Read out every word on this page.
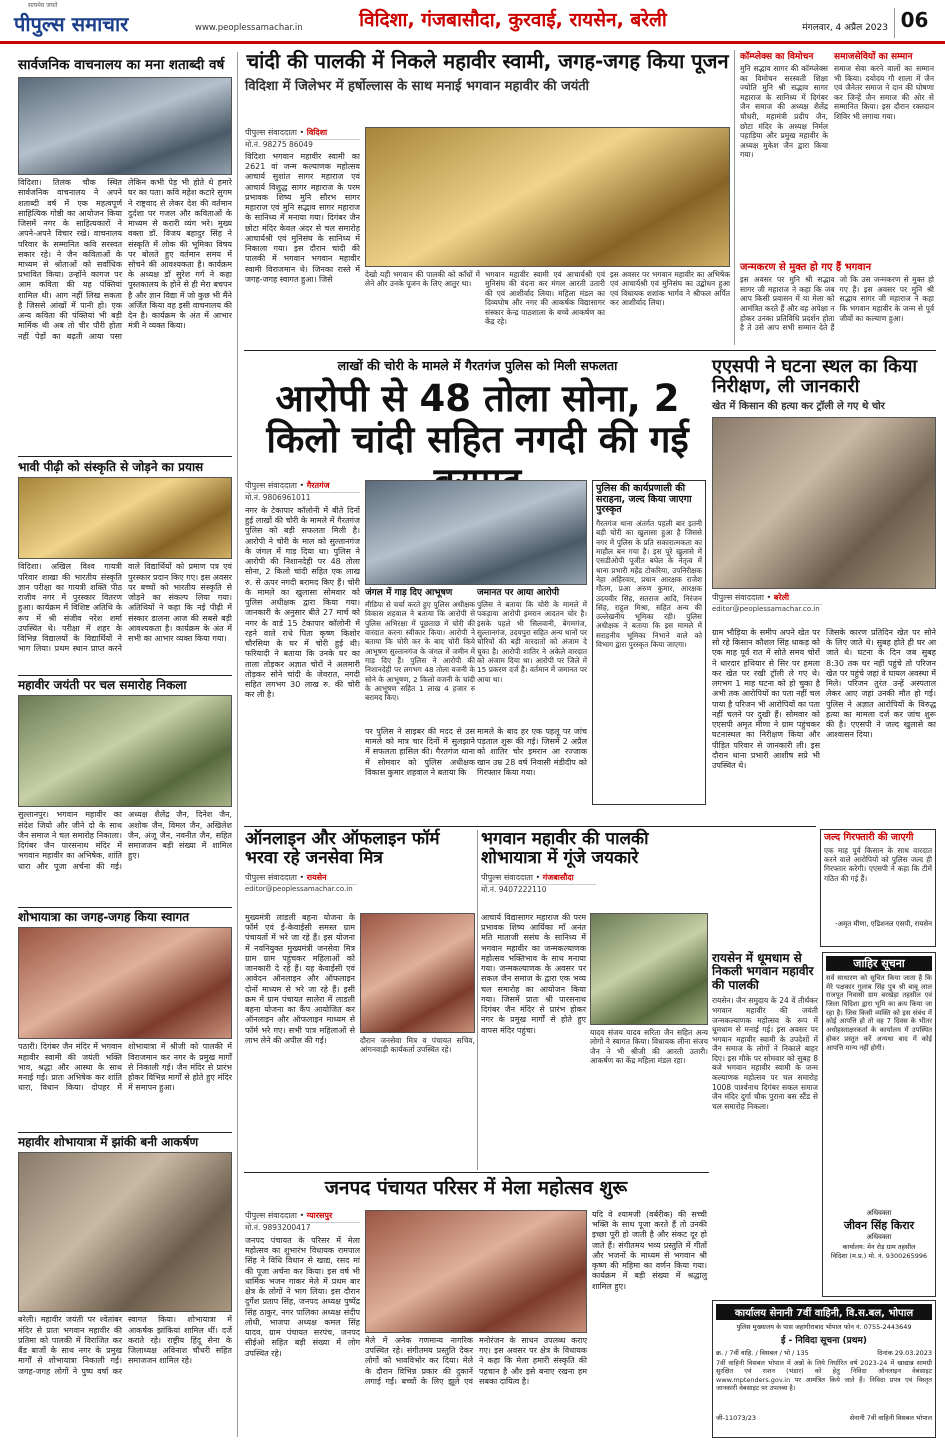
सत्यमेव जयते
पीपुल्स समाचार	www.peoplessamachar.in	विदिशा, गंजबासौदा, कुरवाई, रायसेन, बरेली	मंगलवार, 4 अप्रैल 2023 06
सार्वजनिक वाचनालय का मना शताब्दी वर्ष
विदिशा। तिलक चौक स्थित सार्वजनिक वाचनालय ने अपने शताब्दी वर्ष में एक महत्वपूर्ण साहित्यिक गोष्ठी का आयोजन किया जिसमें नगर के साहित्यकारों ने अपने-अपने विचार रखे। वाचनालय परिवार के सम्मानित कवि सरस्वत सकार रहे। ने जैन कविताओं के माध्यम से श्रोताओं को सर्वाधिक प्रभावित किया। उन्होंने कागज पर आम कविता की यह पंक्तियां शामिल थी। आग नहीं लिख सकता है जिससे आंखों में पानी हो। एक अन्य कविता की पंक्तियां भी बड़ी मार्मिक थी अब तो चीर पौरी होता नहीं पेड़ों का बढ़ती आया पसा लेकिन कभी पेड़ भी होते थे हमारे घर का पता। कवि महेश कटारे सुगम ने राष्ट्रवाद से लेकर देश की वर्तमान दुर्दशा पर गजल और कविताओं के माध्यम से करारी व्यंग भरे। मुख्य वक्ता डॉ. विजय बहादुर सिंह ने संस्कृति में लोक की भूमिका विषय पर बोलते हुए वर्तमान समय में सोचने की आवश्यकता है। कार्यक्रम के अध्यक्ष डॉ सुरेश गर्ग ने कहा पुस्तकालय के होने से ही मेरा बचपन है और ज्ञान विद्या में जो कुछ भी मैंने अर्जित किया वह इसी वाचनालय की देन है। कार्यक्रम के अंत में आभार मंत्री ने व्यक्त किया।
भावी पीढ़ी को संस्कृति से जोड़ने का प्रयास
विदिशा। अखिल विश्व गायत्री परिवार शाखा की भारतीय संस्कृति ज्ञान परीक्षा का गायत्री शक्ति पीठ राजीव नगर में पुरस्कार वितरण हुआ। कार्यक्रम में विशिष्ट अतिथि के रूप में श्री संजीव नरेश शर्मा उपस्थित थे। परीक्षा में शहर के विभिन्न विद्यालयों के विद्यार्थियों ने भाग लिया। प्रथम स्थान प्राप्त करने वाले विद्यार्थियों को प्रमाण पत्र एवं पुरस्कार प्रदान किए गए। इस अवसर पर बच्चों को भारतीय संस्कृति से जोड़ने का संकल्प लिया गया। अतिथियों ने कहा कि नई पीढ़ी में संस्कार डालना आज की सबसे बड़ी आवश्यकता है। कार्यक्रम के अंत में सभी का आभार व्यक्त किया गया।
महावीर जयंती पर चल समारोह निकला
सुल्तानपुर। भगवान महावीर का संदेश जियो और जीने दो के साथ जैन समाज ने चल समारोह निकाला। दिगंबर जैन पारसनाथ मंदिर में भगवान महावीर का अभिषेक, शांति धारा और पूजा अर्चना की गई। अध्यक्ष शैलेंद्र जैन, दिनेश जैन, अशोक जैन, विमल जैन, अखिलेश जैन, अंजू जैन, नवनीत जैन, सहित समाजजन बड़ी संख्या में शामिल हुए।
शोभायात्रा का जगह-जगह किया स्वागत
पठारी। दिगंबर जैन मंदिर में भगवान महावीर स्वामी की जयंती भक्ति भाव, श्रद्धा और आस्था के साथ मनाई गई। प्रातः अभिषेक कर शांति धारा, विधान किया। दोपहर में शोभायात्रा में श्रीजी को पालकी में विराजमान कर नगर के प्रमुख मार्गों से निकाली गई। जैन मंदिर से प्रारंभ होकर विभिन्न मार्गों से होते हुए मंदिर में समापन हुआ।
महावीर शोभायात्रा में झांकी बनी आकर्षण
बरेली। महावीर जयंती पर श्वेतांबर मंदिर से प्रातः भगवान महावीर की प्रतिमा को पालकी में विराजित कर बैंड बाजों के साथ नगर के प्रमुख मार्गों से शोभायात्रा निकाली गई। जगह-जगह लोगों ने पुष्प वर्षा कर स्वागत किया। शोभायात्रा में आकर्षक झांकियां शामिल थीं। दर्जे कराते रहे। राष्ट्रीय हिंदू सेना के जिलाध्यक्ष अविनाश चौधरी सहित समाजजन शामिल रहे।
चांदी की पालकी में निकले महावीर स्वामी, जगह-जगह किया पूजन
विदिशा में जिलेभर में हर्षोल्लास के साथ मनाई भगवान महावीर की जयंती
पीपुल्स संवाददाता • विदिशा
मो.नं. 98275 86049
विदिशा भगवान महावीर स्वामी का 2621 वां जन्म कल्याणक महोत्सव आचार्य सुशांत सागर महाराज एवं आचार्य विशुद्ध सागर महाराज के परम प्रभावक शिष्य मुनि सौरभ सागर महाराज एवं मुनि सद्भाव सागर महाराज के सानिध्य में मनाया गया। दिगंबर जैन छोटा मंदिर केवल अंदर से चल समारोह आचार्यश्री एवं मुनिसंघ के सानिध्य में निकाला गया। इस दौरान चांदी की पालकी में भगवान भगवान महावीर स्वामी विराजमान थे। जिनका रास्ते में जगह-जगह स्वागत हुआ। जिसे
देखो यही भगवान की पालकी को काँधों में लेने और उनके पूजन के लिए आतुर था।
भगवान महावीर स्वामी एवं आचार्यश्री एवं मुनिसंघ की वंदना कर मंगल आरती उतारी की एवं आशीर्वाद लिया। महिला मंडल का दिव्यघोष और नगर की आकर्षक विद्यासागर संस्कार केन्द्र पाठशाला के बच्चे आकर्षण का केंद्र रहे।
इस अवसर पर भगवान महावीर का अभिषेक एवं आचार्यश्री एवं मुनिसंघ का उद्बोधन हुआ एवं विधायक शशांक भार्गव ने श्रीफल अर्पित कर आशीर्वाद लिया।
कॉम्प्लेक्स का विमोचन
मुनि सद्भाव सागर की कॉम्प्लेक्स का विमोचन सरस्वती शिक्षा ज्योति मुनि श्री सद्भाव सागर महाराज के सानिध्य में दिगंबर जैन समाज की अध्यक्ष शैलेंद्र चौधरी, महामंत्री प्रदीप जैन, छोटा मंदिर के अध्यक्ष निर्मल पहाड़िया और प्रमुख महावीर के अध्यक्ष मुकेश जैन द्वारा किया गया।
समाजसेवियों का सम्मान
समाज सेवा करने वालों का सम्मान भी किया। दयोदय गौ शाला में जैन एवं जैनेतर समाज ने दान की घोषणा कर जिन्हें जैन समाज की ओर से सम्मानित किया। इस दौरान रक्तदान शिविर भी लगाया गया।
जन्मकरण से मुक्त हो गए हैं भगवान
इस अवसर पर मुनि श्री सद्भाव सागर जी महाराज ने कहा कि जब आप किसी प्रवासन में या मेला को आमंत्रित करते हैं और वह अपेक्षा न होकर उनका प्रतिविधि प्रदर्शन होता है ते उसे आप सभी सम्मान देते हैं जो कि उस जन्मकरण से मुक्त हो गए हैं। इस अवसर पर मुनि श्री सद्भाव सागर जी महाराज ने कहा कि भगवान महावीर के जन्म से पूर्व जीवों का कल्याण हुआ।
लाखों की चोरी के मामले में गैरतगंज पुलिस को मिली सफलता
आरोपी से 48 तोला सोना, 2 किलो चांदी सहित नगदी की गई
पीपुल्स संवाददाता • गैरतगंज
मो.नं. 9806961011
नगर के टेकापार कॉलोनी में बीते दिनों हुई लाखों की चोरी के मामले में गैरतगंज पुलिस को बड़ी सफलता मिली है। आरोपी ने चोरी के माल को सुल्तानगंज के जंगल में गाड़ दिया था। पुलिस ने आरोपी की निशानदेही पर 48 तोला सोना, 2 किलो चांदी सहित एक लाख रु. से ऊपर नगदी बरामद किए हैं। चोरी के मामले का खुलासा सोमवार को पुलिस अधीक्षक द्वारा किया गया। जानकारी के अनुसार बीते 27 मार्च को नगर के वार्ड 15 टेकापार कॉलोनी में रहने वाले राधे पिता कृष्ण किशोर चौरसिया के घर में चोरी हुई थी। फरियादी ने बताया कि उनके घर का ताला तोड़कर अज्ञात चोरों ने अलमारी तोड़कर सोने चांदी के जेवरात, नगदी सहित लगभग 30 लाख रु. की चोरी कर ली है।
जंगल में गाड़ दिए आभूषण
मीडिया से चर्चा करते हुए पुलिस अधीक्षक विकास शहवाल ने बताया कि आरोपी से पुलिस अभिरक्षा में पूछताछ में चोरी की वारदात करना स्वीकार किया। आरोपी ने बताया कि चोरी कर के बाद चोरी किये आभूषण सुल्तानगंज के जंगल में जमीन में गाड़ दिए हैं। पुलिस ने आरोपी की निशानदेही पर लगभग 48 तोला वजनी के सोने के आभूषण, 2 किलो वजनी के चांदी के आभूषण सहित 1 लाख 4 हजार रु बरामद किए।
जमानत पर आया आरोपी
पुलिस ने बताया कि चोरी के मामले में पकड़ाया आरोपी इमरान आदतन चोर है। इसके पहले भी सिलवानी, बेगमगंज, सुल्तानगंज, उदयपुरा सहित अन्य थानों पर चोरियों की बड़ी वारदातों को अंजाम दे चुका है। आरोपी शातिर ने अकेले वारदात को अंजाम दिया था। आरोपी पर जिले में 15 प्रकरण दर्ज हैं। वर्तमान में जमानत पर आया था।
पर पुलिस ने साइबर की मदद से उस मामले को मात्र चार दिनों में सुलझाने में सफलता हासिल की। गैरतगंज थाना में सोमवार को पुलिस अधीक्षक विकास कुमार शहवाल ने बताया कि
मामले के बाद हर एक पहलू पर जांच पड़ताल शुरू की गई। जिसमें 2 अप्रैल को शातिर चोर इमरान आ रज्जाक खान उम्र 28 वर्ष निवासी मंडीदीप को गिरफ्तार किया गया।
पुलिस की कार्यप्रणाली की सराहना, जल्द किया जाएगा पुरस्कृत
गैरतगंज थाना अंतर्गत पहली बार इतनी बड़ी चोरी का खुलासा हुआ है जिससे नगर में पुलिस के प्रति सकारात्मकता का माहौल बन गया है। इस पूरे खुलासे में एसडीओपी पूजीत बघेल के नेतृत्व में थाना प्रभारी महेंद्र टोकरिया, उपनिरीक्षक नेहा अहिरवार, प्रधान आरक्षक राजेश गौतम, प्रआ अरुण कुमार, आरक्षक उदयवीर सिंह, सतराज आदि, निरंजन सिंह, राहुल मिश्रा, सहित अन्य की उल्लेखनीय भूमिका रही। पुलिस अधीक्षक ने बताया कि इस मामले में सराहनीय भूमिका निभाने वाले को विभाग द्वारा पुरस्कृत किया जाएगा।
एएसपी ने घटना स्थल का किया निरीक्षण, ली जानकारी
खेत में किसान की हत्या कर ट्रॉली ले गए थे चोर
पीपुल्स संवाददाता • बरेली
editor@peoplessamachar.co.in
ग्राम भौड़िया के समीप अपने खेत पर सो रहे किसान कौशल सिंह धाकड़ को एक माह पूर्व रात में सोते समय चोरों ने धारदार हथियार से सिर पर हमला कर खेत पर रखी ट्रॉली ले गए थे। लगभग 1 माह घटना को हो चुका है अभी तक आरोपियों का पता नहीं चल पाया है परिजन भी आरोपियों का पता नहीं चलने पर दुखी हैं। सोमवार को एएसपी अमृत मीणा ने ग्राम पहुंचकर घटनास्थल का निरीक्षण किया और पीड़ित परिवार से जानकारी ली। इस दौरान थाना प्रभारी आशीष सप्रे भी उपस्थित थे।
जिसके कारण प्रतिदिन खेत पर सोने के लिए जाते थे। सुबह होते ही घर आ जाते थे। घटना के दिन जब सुबह 8:30 तक घर नहीं पहुंचे तो परिजन खेत पर पहुंचे जहां वे घायल अवस्था में मिले। परिजन तुरंत उन्हें अस्पताल लेकर आए जहां उनकी मौत हो गई। पुलिस ने अज्ञात आरोपियों के विरुद्ध हत्या का मामला दर्ज कर जांच शुरू की है। एएसपी ने जल्द खुलासे का आश्वासन दिया।
जल्द गिरफ्तारी की जाएगी
एक माह पूर्व किसान के साथ वारदात करने वाले आरोपियों को पुलिस जल्द ही गिरफ्तार करेगी। एएसपी ने कहा कि टीमें गठित की गई हैं।
-अमृत मीणा, एडिशनल एसपी, रायसेन
ऑनलाइन और ऑफलाइन फॉर्म भरवा रहे जनसेवा मित्र
पीपुल्स संवाददाता • रायसेन
editor@peoplessamachar.co.in
मुख्यमंत्री लाडली बहना योजना के फॉर्म एवं ई-केवाईसी समस्त ग्राम पंचायतों में भरे जा रहे हैं। इस योजना में नवनियुक्त मुख्यमंत्री जनसेवा मित्र ग्राम ग्राम पहुंचकर महिलाओं को जानकारी दे रहे हैं। यह केवाईसी एवं आवेदन ऑनलाइन और ऑफलाइन दोनों माध्यम से भरे जा रहे हैं। इसी क्रम में ग्राम पंचायत सालेरा में लाडली बहना योजना का कैंप आयोजित कर ऑनलाइन और ऑफलाइन माध्यम से फॉर्म भरे गए। सभी पात्र महिलाओं से लाभ लेने की अपील की गई।	दौरान जनसेवा मित्र व पंचायत सचिव, आंगनवाड़ी कार्यकर्ता उपस्थित रहे।
भगवान महावीर की पालकी शोभायात्रा में गूंजे जयकारे
पीपुल्स संवाददाता • गंजबासौदा
मो.नं. 9407222110
आचार्य विद्यासागर महाराज की परम प्रभावक शिष्य आर्यिका माँ अनंत मति माताजी ससंघ के सानिध्य में भगवान महावीर का जन्मकल्याणक महोत्सव भक्तिभाव के साथ मनाया गया। जन्मकल्याणक के अवसर पर सकल जैन समाज के द्वारा एक भव्य चल समारोह का आयोजन किया गया। जिसमें प्रातः श्री पारसनाथ दिगंबर जैन मंदिर से प्रारंभ होकर नगर के प्रमुख मार्गों से होते हुए वापस मंदिर पहुंचा।	यादव संजय यादव सरिता जैन सहित अन्य लोगों ने स्वागत किया। विधायक लीना संजय जैन ने भी श्रीजी की आरती उतारी। आकर्षण का केंद्र महिला मंडल रहा।
रायसेन में धूमधाम से निकली भगवान महावीर की पालकी
रायसेन। जैन समुदाय के 24 वें तीर्थंकर भगवान महावीर की जयंती जन्मकल्याणक महोत्सव के रूप में धूमधाम से मनाई गई। इस अवसर पर भगवान महावीर स्वामी के उपदेशों में जैन समाज के लोगों ने निकाले बाहर दिए। इस मौके पर सोमवार को सुबह 8 बजे भगवान महावीर स्वामी के जन्म कल्याणक महोत्सव पर चल समारोह 1008 पार्श्वनाथ दिगंबर सकल समाज जैन मंदिर दुर्गा चौक पुराना बस स्टैंड से चल समारोह निकला।
जाहिर सूचना
सर्व साधारण को सूचित किया जाता है कि मेरे पक्षकार गुलाब सिंह पुत्र श्री बाबू लाल राजपूत निवासी ग्राम बरखेड़ा तहसील एवं जिला विदिशा द्वारा भूमि का क्रय किया जा रहा है। जिस किसी व्यक्ति को इस संबंध में कोई आपत्ति हो तो वह 7 दिवस के भीतर अधोहस्ताक्षरकर्ता के कार्यालय में उपस्थित होकर प्रस्तुत करें अन्यथा बाद में कोई आपत्ति मान्य नहीं होगी।
अधिवक्ता
जीवन सिंह किरार
अधिवक्ता
कार्यालय: मेन रोड़ ग्राम तहसील
विदिशा (म.प्र.) मो. नं. 9300265996
जनपद पंचायत परिसर में मेला महोत्सव शुरू
पीपुल्स संवाददाता • ग्यारसपुर
मो.नं. 9893200417
जनपद पंचायत के परिसर में मेला महोत्सव का शुभारंभ विधायक रामपाल सिंह ने विधि विधान से खाद्य, रसद मां की पूजा अर्चना कर किया। इस वर्ष भी धार्मिक भजन गाकर मेले में प्रथम बार क्षेत्र के लोगों ने भाग लिया। इस दौरान दुर्गेश प्रताप सिंह, जनपद अध्यक्ष पुष्पेंद्र सिंह ठाकुर, नगर पालिका अध्यक्ष संदीप लोधी, भाजपा अध्यक्ष कमल सिंह यादव, ग्राम पंचायत सरपंच, जनपद सीईओ सहित बड़ी संख्या में लोग उपस्थित रहे।
मेले में अनेक गणमान्य नागरिक उपस्थित रहे। संगीतमय प्रस्तुति देकर लोगों को भावविभोर कर दिया। मेले के दौरान विभिन्न प्रकार की दुकानें लगाई गईं। बच्चों के लिए झूले एवं मनोरंजन के साधन उपलब्ध कराए गए। इस अवसर पर क्षेत्र के विधायक ने कहा कि मेला हमारी संस्कृति की पहचान है और इसे बनाए रखना हम सबका दायित्व है।
यदि वे श्यामजी (वर्बरीक) की सच्ची भक्ति के साथ पूजा करते हैं तो उनकी इच्छा पूरी हो जाती है और संकट दूर हो जाते हैं। संगीतमय भव्य प्रस्तुति में गीतों और भजनों के माध्यम से भगवान श्री कृष्ण की महिमा का वर्णन किया गया। कार्यक्रम में बड़ी संख्या में श्रद्धालु शामिल हुए।
कार्यालय सेनानी 7वीं वाहिनी, वि.स.बल, भोपाल
पुलिस मुख्यालय के पास जहांगीराबाद भोपाल फोन नं. 0755-2443649
ई - निविदा सूचना (प्रथम)
क्र. / 7वीं वाहि. / विसबल / भो / 135	दिनांक 29.03.2023
7वीं वाहिनी विसबल भोपाल में अन्नों के लिये निर्धारित वर्ष 2023-24 में खाद्यान्न सामग्री सुरक्षित एवं राशन (भंडार) को हेतु निविदा ऑनलाइन वेबसाइट www.mptenders.gov.in पर आमंत्रित किये जाते हैं। निविदा प्रपत्र एवं विस्तृत जानकारी वेबसाइट पर उपलब्ध है।
जी-11073/23	सेनानी 7वीं वाहिनी विसबल भोपाल
